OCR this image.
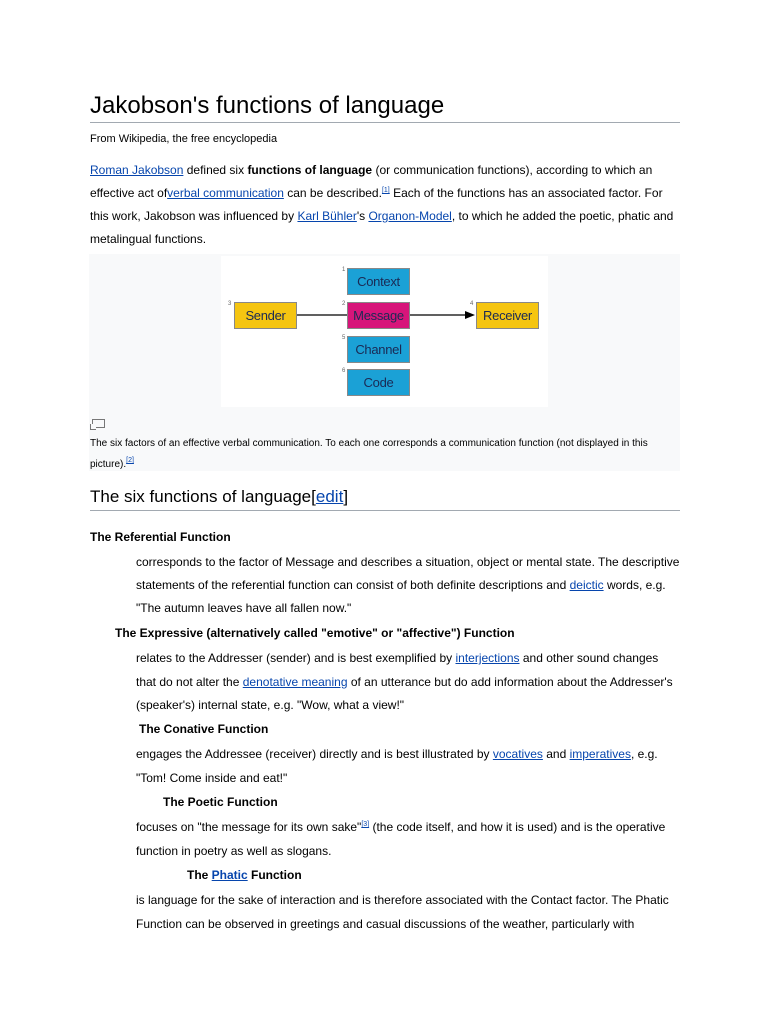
Jakobson's functions of language
From Wikipedia, the free encyclopedia
Roman Jakobson defined six functions of language (or communication functions), according to which an
effective act ofverbal communication can be described.[1] Each of the functions has an associated factor. For
this work, Jakobson was influenced by Karl Bühler's Organon-Model, to which he added the poetic, phatic and
metalingual functions.
1
Context
2
Message
3
Sender
4
Receiver
5
Channel
6
Code
The six factors of an effective verbal communication. To each one corresponds a communication function (not displayed in this
picture).[2]
The six functions of language[edit]
The Referential Function
corresponds to the factor of Message and describes a situation, object or mental state. The descriptive
statements of the referential function can consist of both definite descriptions and deictic words, e.g.
"The autumn leaves have all fallen now."
The Expressive (alternatively called "emotive" or "affective") Function
relates to the Addresser (sender) and is best exemplified by interjections and other sound changes
that do not alter the denotative meaning of an utterance but do add information about the Addresser's
(speaker's) internal state, e.g. "Wow, what a view!"
The Conative Function
engages the Addressee (receiver) directly and is best illustrated by vocatives and imperatives, e.g.
"Tom! Come inside and eat!"
The Poetic Function
focuses on "the message for its own sake"[3] (the code itself, and how it is used) and is the operative
function in poetry as well as slogans.
The Phatic Function
is language for the sake of interaction and is therefore associated with the Contact factor. The Phatic
Function can be observed in greetings and casual discussions of the weather, particularly with
